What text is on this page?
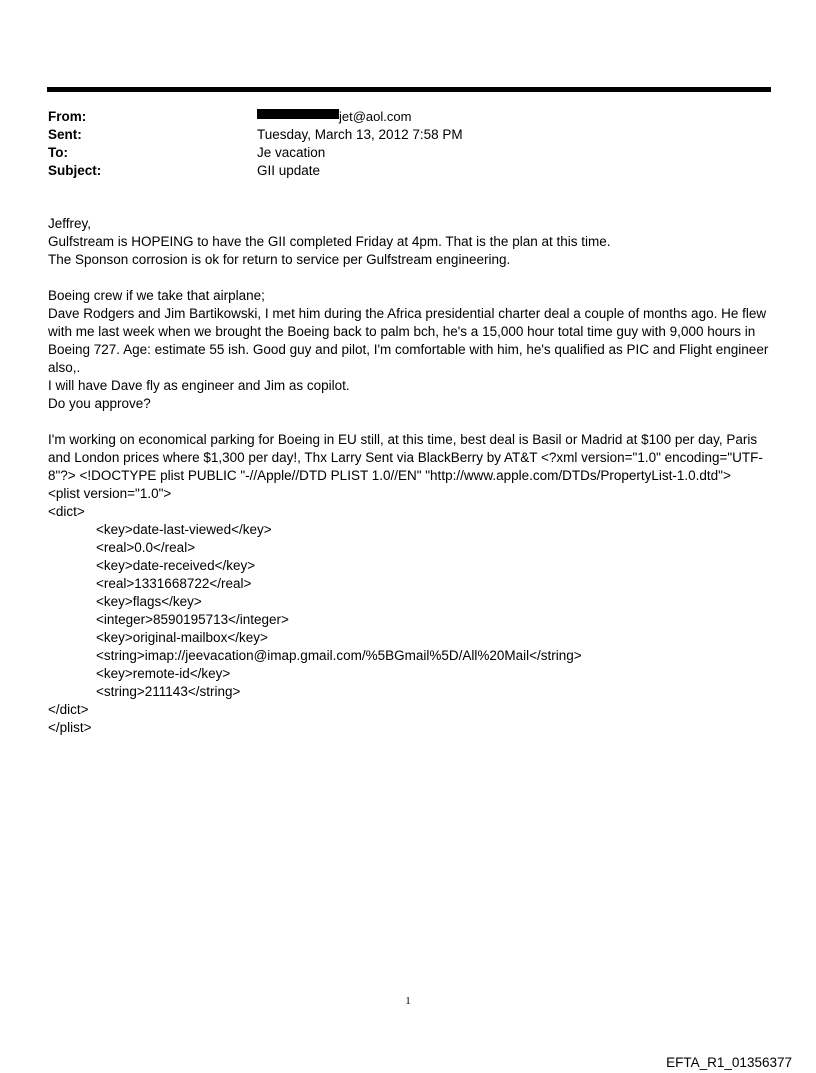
From:	jet@aol.com
Sent:	Tuesday, March 13, 2012 7:58 PM
To:	Je vacation
Subject:	GII update

Jeffrey,

Gulfstream is HOPEING to have the GII completed Friday at 4pm. That is the plan at this time.

The Sponson corrosion is ok for return to service per Gulfstream engineering.

Boeing crew if we take that airplane;

Dave Rodgers and Jim Bartikowski, I met him during the Africa presidential charter deal a couple of months ago. He flew with me last week when we brought the Boeing back to palm bch, he's a 15,000 hour total time guy with 9,000 hours in Boeing 727. Age: estimate 55 ish. Good guy and pilot, I'm comfortable with him, he's qualified as PIC and Flight engineer also,.

I will have Dave fly as engineer and Jim as copilot.

Do you approve?

I'm working on economical parking for Boeing in EU still, at this time, best deal is Basil or Madrid at $100 per day, Paris and London prices where $1,300 per day!, Thx Larry Sent via BlackBerry by AT&T <?xml version="1.0" encoding="UTF-8"?> <!DOCTYPE plist PUBLIC "-//Apple//DTD PLIST 1.0//EN" "http://www.apple.com/DTDs/PropertyList-1.0.dtd">

<plist version="1.0">

<dict>

<key>date-last-viewed</key>

<real>0.0</real>

<key>date-received</key>

<real>1331668722</real>

<key>flags</key>

<integer>8590195713</integer>

<key>original-mailbox</key>

<string>imap://jeevacation@imap.gmail.com/%5BGmail%5D/All%20Mail</string>

<key>remote-id</key>

<string>211143</string>

</dict>

</plist>

1
EFTA_R1_01356377
